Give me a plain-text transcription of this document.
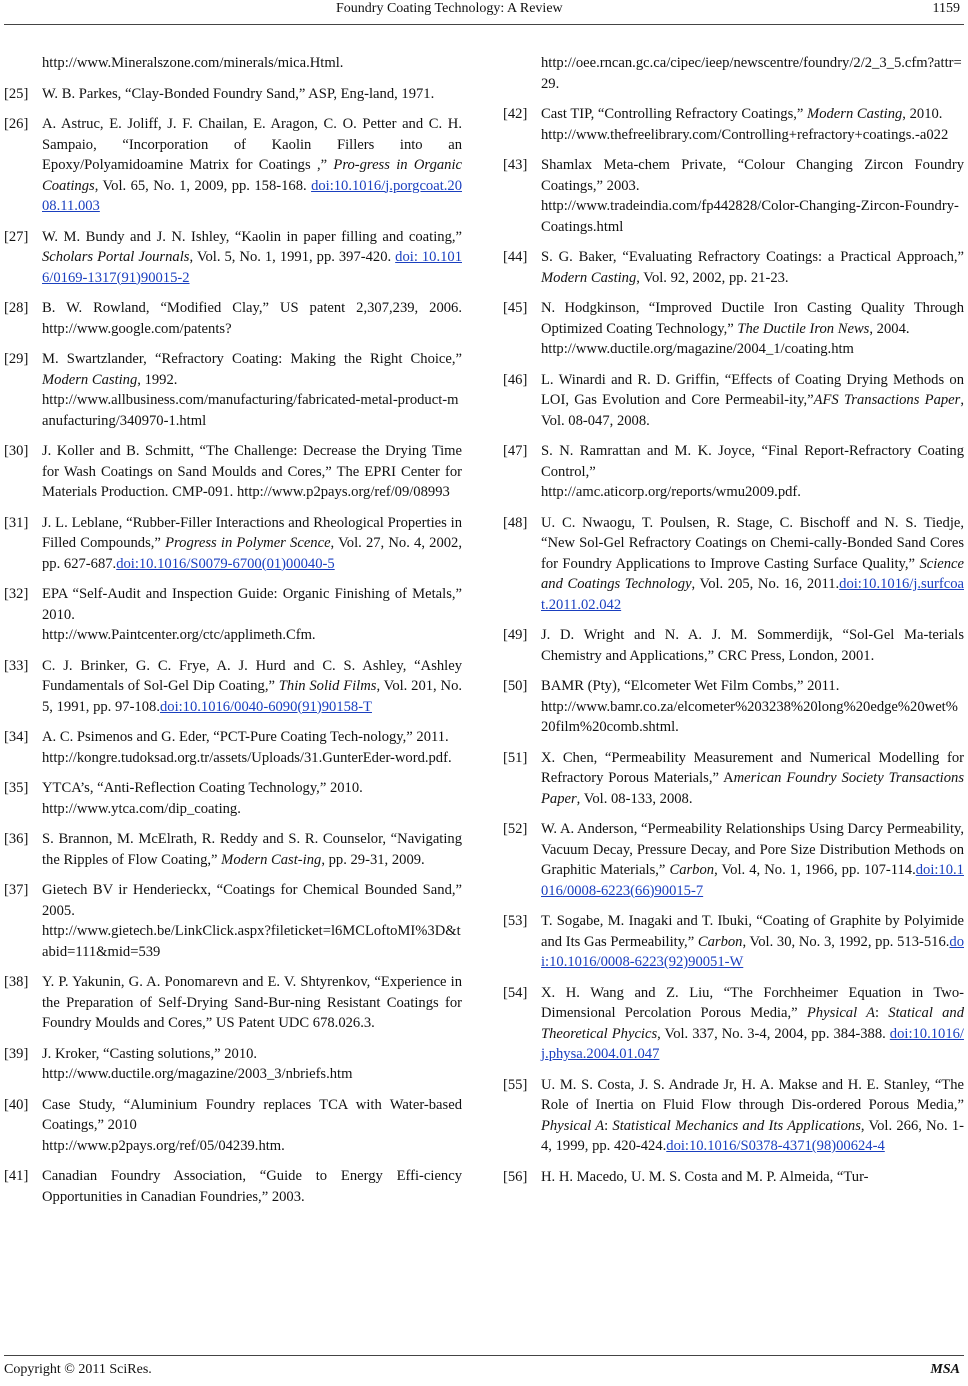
Foundry Coating Technology: A Review	1159
http://www.Mineralszone.com/minerals/mica.Html.
[25] W. B. Parkes, “Clay-Bonded Foundry Sand,” ASP, Eng-land, 1971.
[26] A. Astruc, E. Joliff, J. F. Chailan, E. Aragon, C. O. Petter and C. H. Sampaio, “Incorporation of Kaolin Fillers into an Epoxy/Polyamidoamine Matrix for Coatings ,” Pro-gress in Organic Coatings, Vol. 65, No. 1, 2009, pp. 158-168. doi:10.1016/j.porgcoat.2008.11.003
[27] W. M. Bundy and J. N. Ishley, “Kaolin in paper filling and coating,” Scholars Portal Journals, Vol. 5, No. 1, 1991, pp. 397-420. doi: 10.1016/0169-1317(91)90015-2
[28] B. W. Rowland, “Modified Clay,” US patent 2,307,239, 2006. http://www.google.com/patents?
[29] M. Swartzlander, “Refractory Coating: Making the Right Choice,” Modern Casting, 1992.
http://www.allbusiness.com/manufacturing/fabricated-metal-product-manufacturing/340970-1.html
[30] J. Koller and B. Schmitt, “The Challenge: Decrease the Drying Time for Wash Coatings on Sand Moulds and Cores,” The EPRI Center for Materials Production. CMP-091. http://www.p2pays.org/ref/09/08993
[31] J. L. Leblane, “Rubber-Filler Interactions and Rheological Properties in Filled Compounds,” Progress in Polymer Scence, Vol. 27, No. 4, 2002, pp. 627-687.doi:10.1016/S0079-6700(01)00040-5
[32] EPA “Self-Audit and Inspection Guide: Organic Finishing of Metals,” 2010.
http://www.Paintcenter.org/ctc/applimeth.Cfm.
[33] C. J. Brinker, G. C. Frye, A. J. Hurd and C. S. Ashley, “Ashley Fundamentals of Sol-Gel Dip Coating,” Thin Solid Films, Vol. 201, No. 5, 1991, pp. 97-108.doi:10.1016/0040-6090(91)90158-T
[34] A. C. Psimenos and G. Eder, “PCT-Pure Coating Tech-nology,” 2011.
http://kongre.tudoksad.org.tr/assets/Uploads/31.GunterEder-word.pdf.
[35] YTCA’s, “Anti-Reflection Coating Technology,” 2010.
http://www.ytca.com/dip_coating.
[36] S. Brannon, M. McElrath, R. Reddy and S. R. Counselor, “Navigating the Ripples of Flow Coating,” Modern Cast-ing, pp. 29-31, 2009.
[37] Gietech BV ir Henderieckx, “Coatings for Chemical Bounded Sand,” 2005.
http://www.gietech.be/LinkClick.aspx?fileticket=l6MCLoftoMI%3D&tabid=111&mid=539
[38] Y. P. Yakunin, G. A. Ponomarevn and E. V. Shtyrenkov, “Experience in the Preparation of Self-Drying Sand-Bur-ning Resistant Coatings for Foundry Moulds and Cores,” US Patent UDC 678.026.3.
[39] J. Kroker, “Casting solutions,” 2010.
http://www.ductile.org/magazine/2003_3/nbriefs.htm
[40] Case Study, “Aluminium Foundry replaces TCA with Water-based Coatings,” 2010
http://www.p2pays.org/ref/05/04239.htm.
[41] Canadian Foundry Association, “Guide to Energy Effi-ciency Opportunities in Canadian Foundries,” 2003.
http://oee.rncan.gc.ca/cipec/ieep/newscentre/foundry/2/2_3_5.cfm?attr=29.
[42] Cast TIP, “Controlling Refractory Coatings,” Modern Casting, 2010.
http://www.thefreelibrary.com/Controlling+refractory+coatings.-a022
[43] Shamlax Meta-chem Private, “Colour Changing Zircon Foundry Coatings,” 2003.
http://www.tradeindia.com/fp442828/Color-Changing-Zircon-Foundry-Coatings.html
[44] S. G. Baker, “Evaluating Refractory Coatings: a Practical Approach,” Modern Casting, Vol. 92, 2002, pp. 21-23.
[45] N. Hodgkinson, “Improved Ductile Iron Casting Quality Through Optimized Coating Technology,” The Ductile Iron News, 2004.
http://www.ductile.org/magazine/2004_1/coating.htm
[46] L. Winardi and R. D. Griffin, “Effects of Coating Drying Methods on LOI, Gas Evolution and Core Permeabil-ity,”AFS Transactions Paper, Vol. 08-047, 2008.
[47] S. N. Ramrattan and M. K. Joyce, “Final Report-Refractory Coating Control,”
http://amc.aticorp.org/reports/wmu2009.pdf.
[48] U. C. Nwaogu, T. Poulsen, R. Stage, C. Bischoff and N. S. Tiedje, “New Sol-Gel Refractory Coatings on Chemi-cally-Bonded Sand Cores for Foundry Applications to Improve Casting Surface Quality,” Science and Coatings Technology, Vol. 205, No. 16, 2011.doi:10.1016/j.surfcoat.2011.02.042
[49] J. D. Wright and N. A. J. M. Sommerdijk, “Sol-Gel Ma-terials Chemistry and Applications,” CRC Press, London, 2001.
[50] BAMR (Pty), “Elcometer Wet Film Combs,” 2011.
http://www.bamr.co.za/elcometer%203238%20long%20edge%20wet%20film%20comb.shtml.
[51] X. Chen, “Permeability Measurement and Numerical Modelling for Refractory Porous Materials,” American Foundry Society Transactions Paper, Vol. 08-133, 2008.
[52] W. A. Anderson, “Permeability Relationships Using Darcy Permeability, Vacuum Decay, Pressure Decay, and Pore Size Distribution Methods on Graphitic Materials,” Carbon, Vol. 4, No. 1, 1966, pp. 107-114.doi:10.1016/0008-6223(66)90015-7
[53] T. Sogabe, M. Inagaki and T. Ibuki, “Coating of Graphite by Polyimide and Its Gas Permeability,” Carbon, Vol. 30, No. 3, 1992, pp. 513-516.doi:10.1016/0008-6223(92)90051-W
[54] X. H. Wang and Z. Liu, “The Forchheimer Equation in Two-Dimensional Percolation Porous Media,” Physical A: Statical and Theoretical Phycics, Vol. 337, No. 3-4, 2004, pp. 384-388. doi:10.1016/j.physa.2004.01.047
[55] U. M. S. Costa, J. S. Andrade Jr, H. A. Makse and H. E. Stanley, “The Role of Inertia on Fluid Flow through Dis-ordered Porous Media,” Physical A: Statistical Mechanics and Its Applications, Vol. 266, No. 1-4, 1999, pp. 420-424.doi:10.1016/S0378-4371(98)00624-4
[56] H. H. Macedo, U. M. S. Costa and M. P. Almeida, “Tur-
Copyright © 2011 SciRes.	MSA
